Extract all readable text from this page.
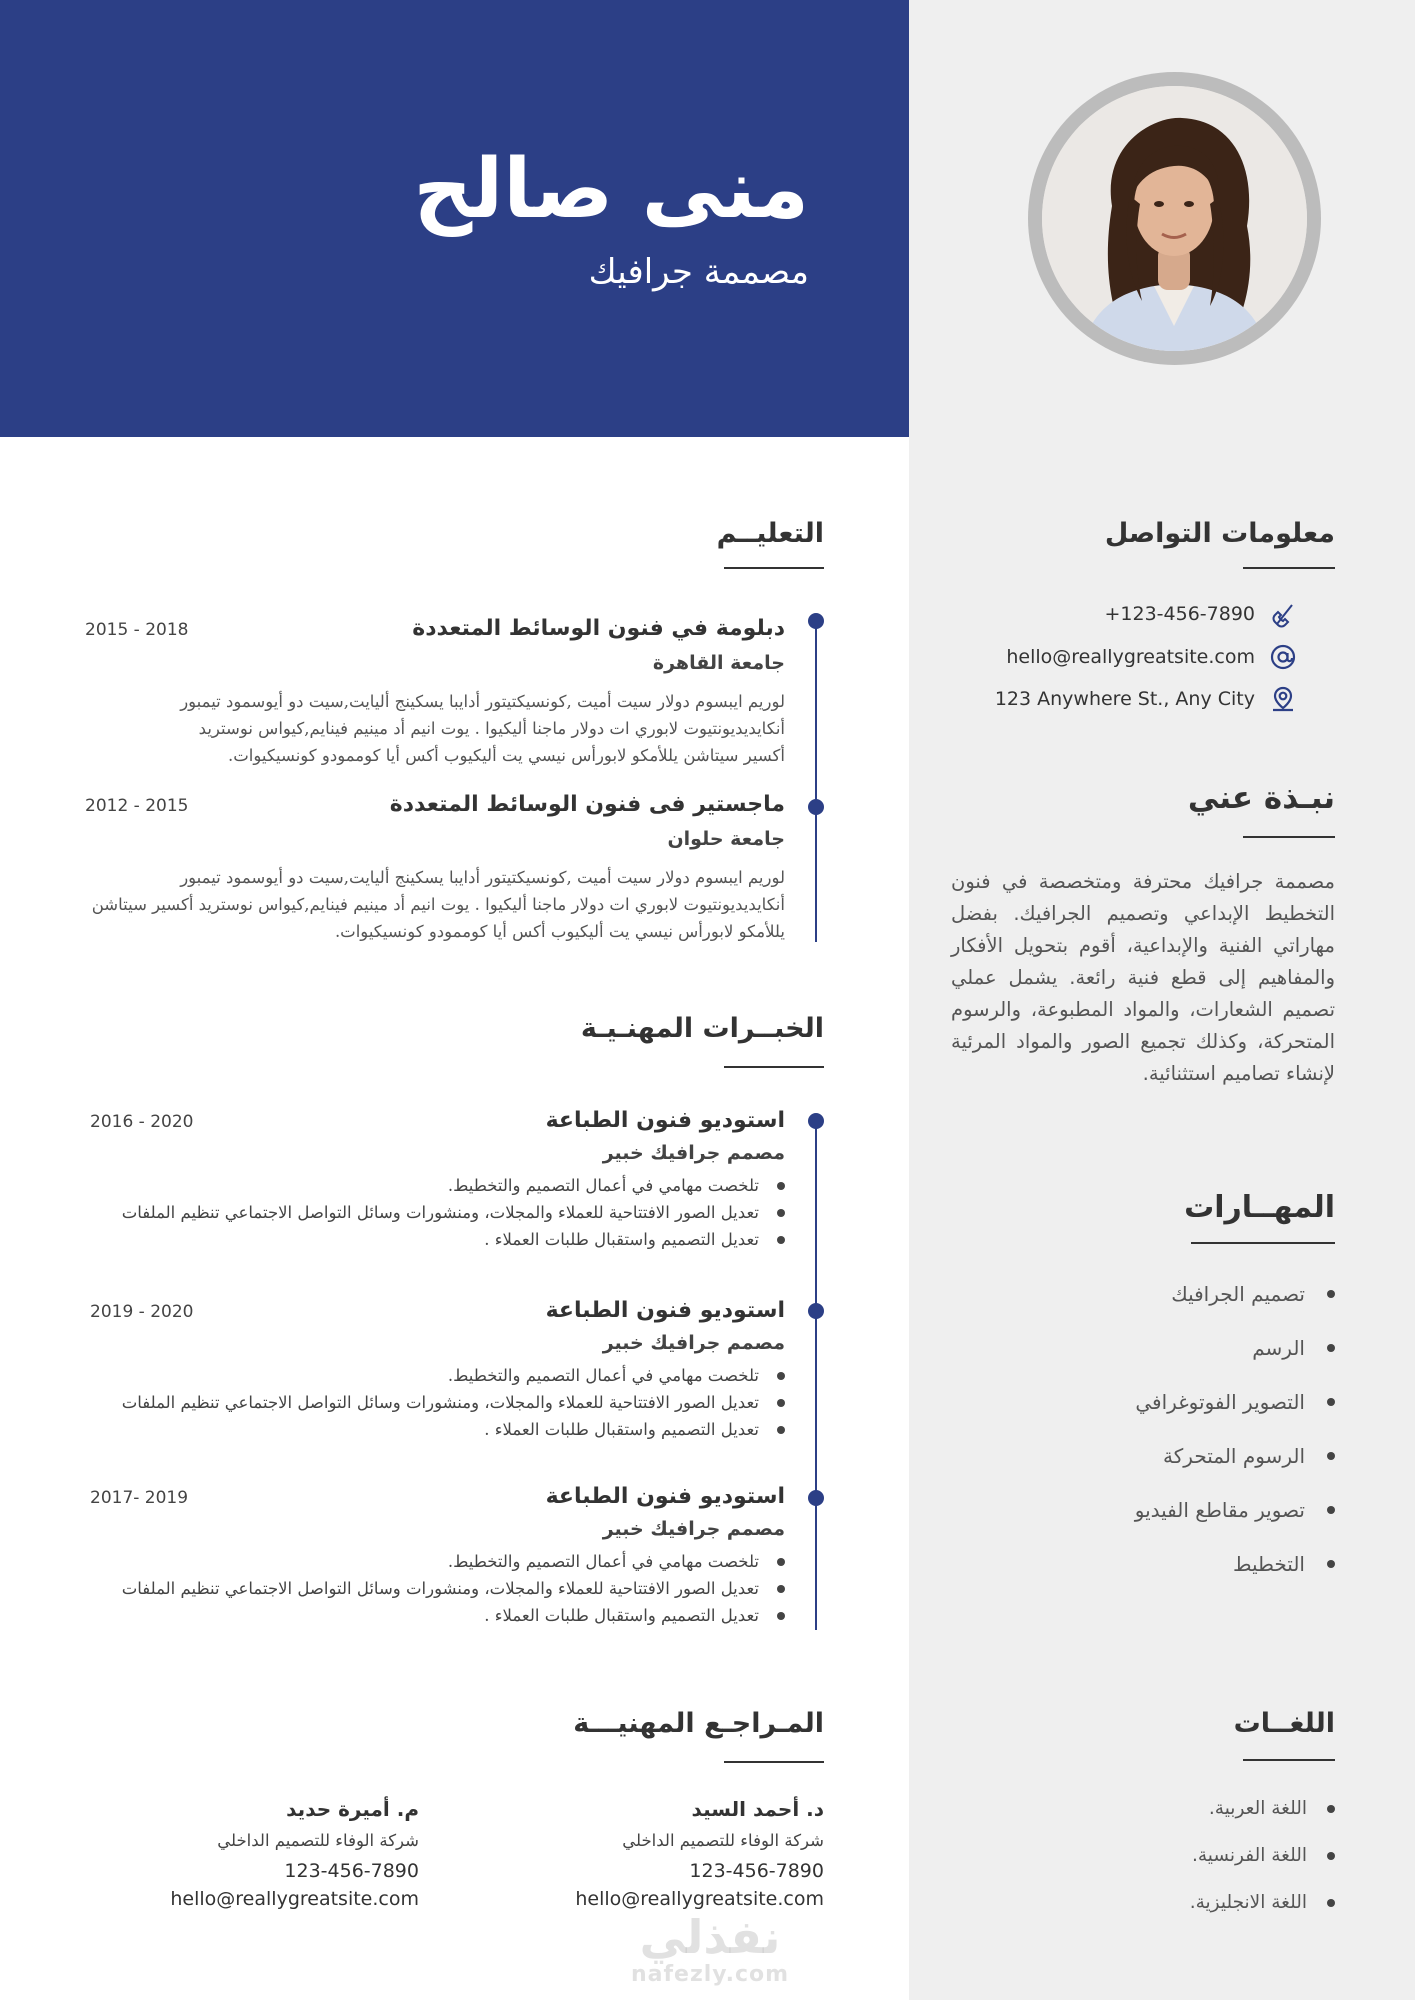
منى صالح
مصممة جرافيك
معلومات التواصل
+123-456-7890
hello@reallygreatsite.com
123 Anywhere St., Any City
نبـذة عني
مصممة جرافيك محترفة ومتخصصة في فنون التخطيط الإبداعي وتصميم الجرافيك. بفضل مهاراتي الفنية والإبداعية، أقوم بتحويل الأفكار والمفاهيم إلى قطع فنية رائعة. يشمل عملي تصميم الشعارات، والمواد المطبوعة، والرسوم المتحركة، وكذلك تجميع الصور والمواد المرئية لإنشاء تصاميم استثنائية.
المهــارات
تصميم الجرافيك
الرسم
التصوير الفوتوغرافي
الرسوم المتحركة
تصوير مقاطع الفيديو
التخطيط
اللغــات
اللغة العربية.
اللغة الفرنسية.
اللغة الانجليزية.
التعليــم
دبلومة في فنون الوسائط المتعددة
2015 - 2018
جامعة القاهرة
لوريم ايبسوم دولار سيت أميت ,كونسيكتيتور أدايبا يسكينج أليايت,سيت دو أيوسمود تيمبور
أنكايديديونتيوت لابوري ات دولار ماجنا أليكيوا . يوت انيم أد مينيم فينايم,كيواس نوستريد
أكسير سيتاشن يللأمكو لابورأس نيسي يت أليكيوب أكس أيا كوممودو كونسيكيوات.
ماجستير فى فنون الوسائط المتعددة
2012 - 2015
جامعة حلوان
لوريم ايبسوم دولار سيت أميت ,كونسيكتيتور أدايبا يسكينج أليايت,سيت دو أيوسمود تيمبور
أنكايديديونتيوت لابوري ات دولار ماجنا أليكيوا . يوت انيم أد مينيم فينايم,كيواس نوستريد أكسير سيتاشن
يللأمكو لابورأس نيسي يت أليكيوب أكس أيا كوممودو كونسيكيوات.
الخبــرات المهنـيـة
استوديو فنون الطباعة
2016 - 2020
مصمم جرافيك خبير
تلخصت مهامي في أعمال التصميم والتخطيط.
تعديل الصور الافتتاحية للعملاء والمجلات، ومنشورات وسائل التواصل الاجتماعي تنظيم الملفات
تعديل التصميم واستقبال طلبات العملاء .
استوديو فنون الطباعة
2019 - 2020
مصمم جرافيك خبير
تلخصت مهامي في أعمال التصميم والتخطيط.
تعديل الصور الافتتاحية للعملاء والمجلات، ومنشورات وسائل التواصل الاجتماعي تنظيم الملفات
تعديل التصميم واستقبال طلبات العملاء .
استوديو فنون الطباعة
2017- 2019
مصمم جرافيك خبير
تلخصت مهامي في أعمال التصميم والتخطيط.
تعديل الصور الافتتاحية للعملاء والمجلات، ومنشورات وسائل التواصل الاجتماعي تنظيم الملفات
تعديل التصميم واستقبال طلبات العملاء .
المـراجـع المهنيـــة
د. أحمد السيد
شركة الوفاء للتصميم الداخلي
123-456-7890
hello@reallygreatsite.com
م. أميرة حديد
شركة الوفاء للتصميم الداخلي
123-456-7890
hello@reallygreatsite.com
نفذلي
nafezly.com
